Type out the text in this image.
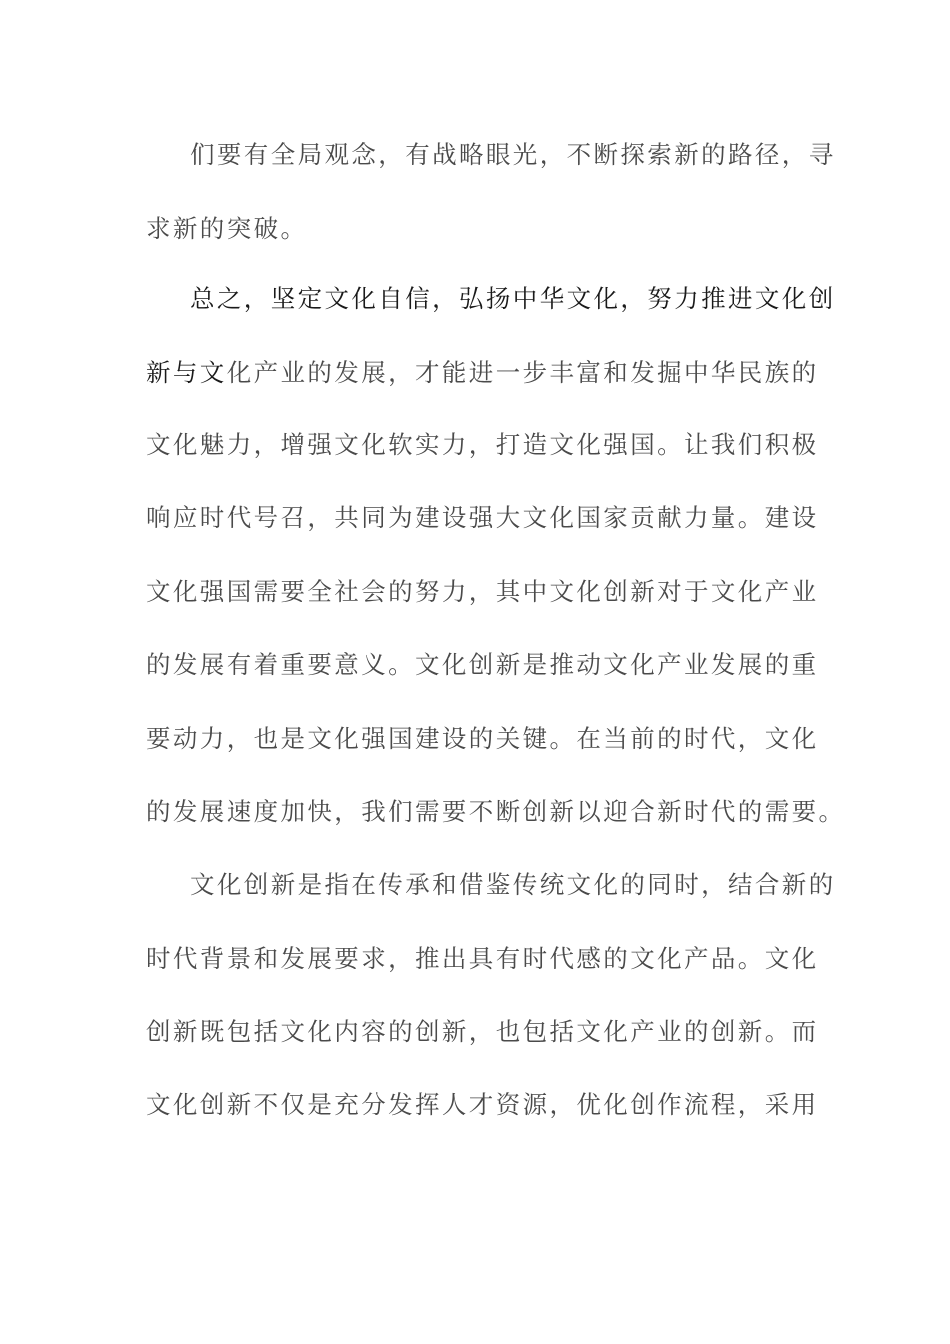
们要有全局观念，有战略眼光，不断探索新的路径，寻
求新的突破。
总之，坚定文化自信，弘扬中华文化，努力推进文化创
新与文化产业的发展，才能进一步丰富和发掘中华民族的
文化魅力，增强文化软实力，打造文化强国。让我们积极
响应时代号召，共同为建设强大文化国家贡献力量。建设
文化强国需要全社会的努力，其中文化创新对于文化产业
的发展有着重要意义。文化创新是推动文化产业发展的重
要动力，也是文化强国建设的关键。在当前的时代，文化
的发展速度加快，我们需要不断创新以迎合新时代的需要。
文化创新是指在传承和借鉴传统文化的同时，结合新的
时代背景和发展要求，推出具有时代感的文化产品。文化
创新既包括文化内容的创新，也包括文化产业的创新。而
文化创新不仅是充分发挥人才资源，优化创作流程，采用
